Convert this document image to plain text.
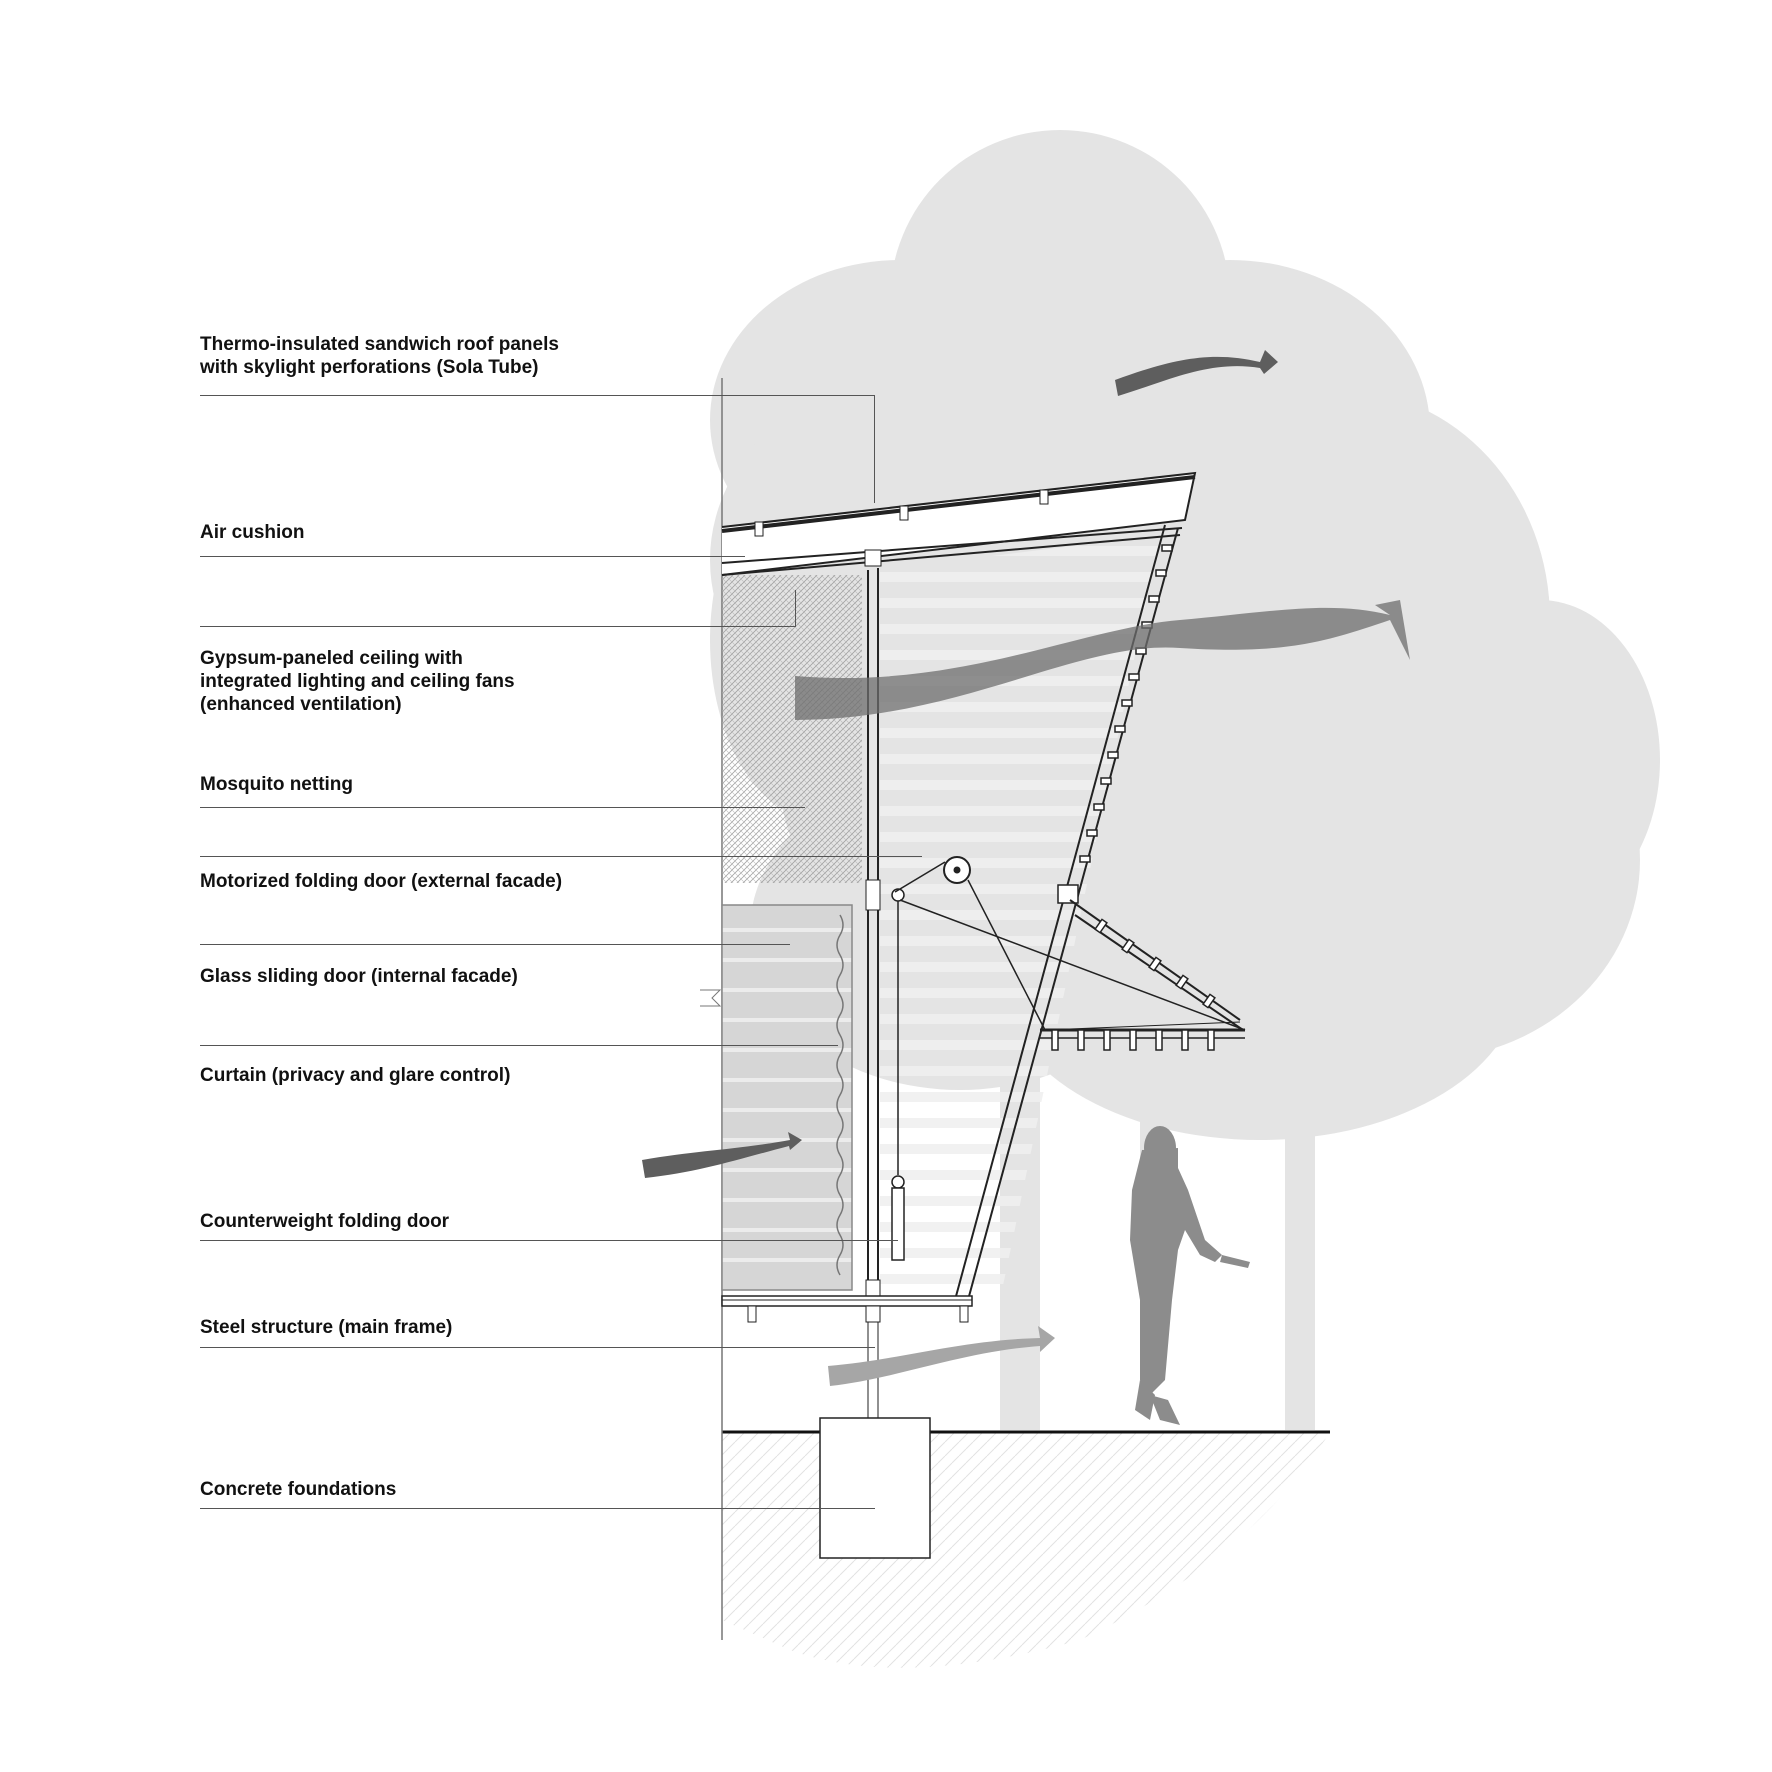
Thermo-insulated sandwich roof panels
with skylight perforations (Sola Tube)
Air cushion
Gypsum-paneled ceiling with
integrated lighting and ceiling fans
(enhanced ventilation)
Mosquito netting
Motorized folding door (external facade)
Glass sliding door (internal facade)
Curtain (privacy and glare control)
Counterweight folding door
Steel structure (main frame)
Concrete foundations
